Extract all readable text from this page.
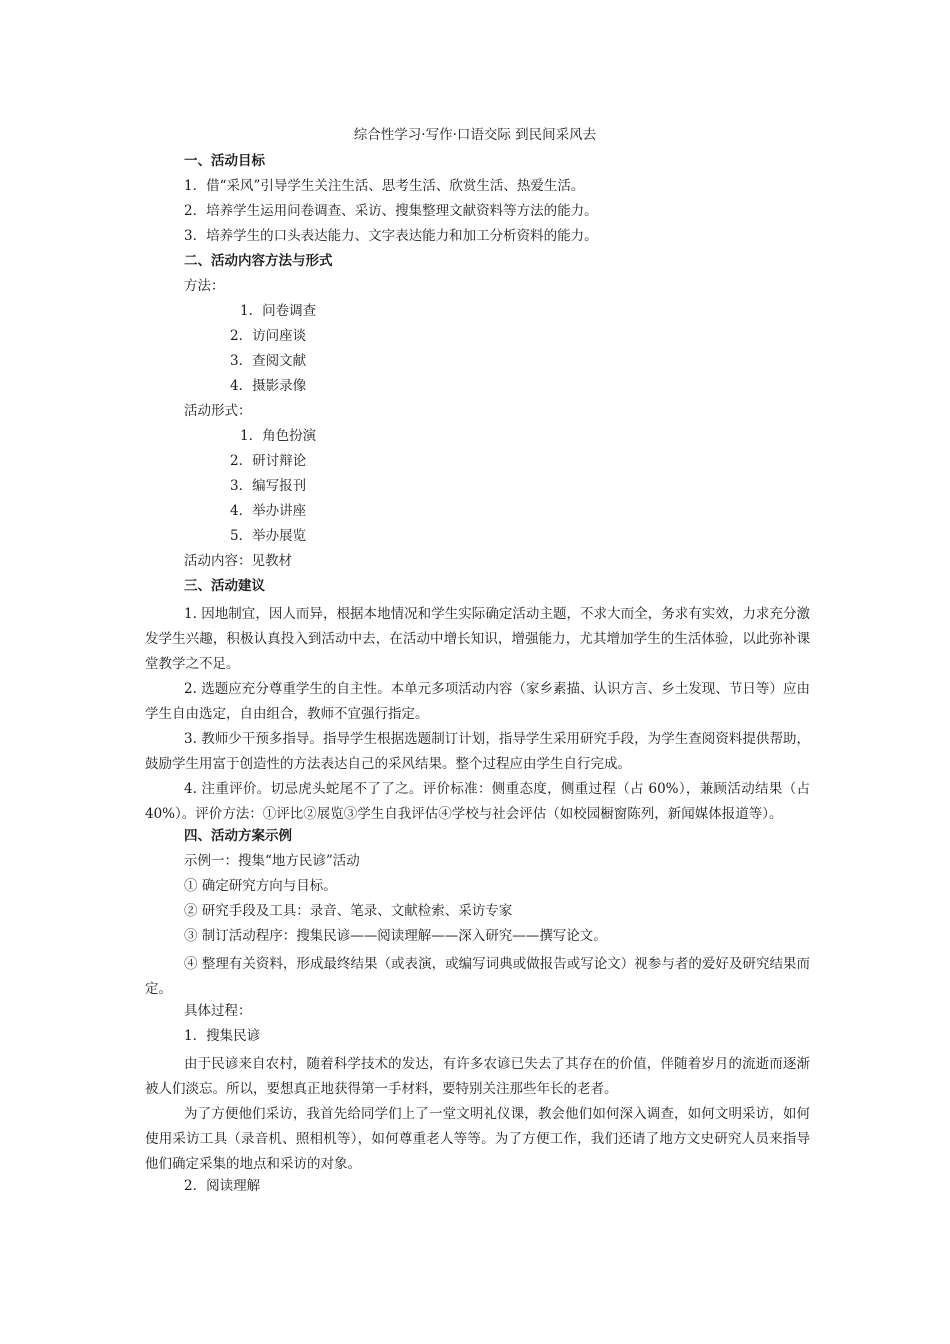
综合性学习·写作·口语交际 到民间采风去
一、活动目标
1．借“采风”引导学生关注生活、思考生活、欣赏生活、热爱生活。
2．培养学生运用问卷调查、采访、搜集整理文献资料等方法的能力。
3．培养学生的口头表达能力、文字表达能力和加工分析资料的能力。
二、活动内容方法与形式
方法：
1．问卷调查
2．访问座谈
3．查阅文献
4．摄影录像
活动形式：
1．角色扮演
2．研讨辩论
3．编写报刊
4．举办讲座
5．举办展览
活动内容：见教材
三、活动建议
1. 因地制宜，因人而异，根据本地情况和学生实际确定活动主题，不求大而全，务求有实效，力求充分激发学生兴趣，积极认真投入到活动中去，在活动中增长知识，增强能力，尤其增加学生的生活体验，以此弥补课堂教学之不足。
2. 选题应充分尊重学生的自主性。本单元多项活动内容（家乡素描、认识方言、乡土发现、节日等）应由学生自由选定，自由组合，教师不宜强行指定。
3. 教师少干预多指导。指导学生根据选题制订计划，指导学生采用研究手段，为学生查阅资料提供帮助，鼓励学生用富于创造性的方法表达自己的采风结果。整个过程应由学生自行完成。
4. 注重评价。切忌虎头蛇尾不了了之。评价标准：侧重态度，侧重过程（占 60%），兼顾活动结果（占 40%）。评价方法：①评比②展览③学生自我评估④学校与社会评估（如校园橱窗陈列，新闻媒体报道等）。
四、活动方案示例
示例一：搜集“地方民谚”活动
① 确定研究方向与目标。
② 研究手段及工具：录音、笔录、文献检索、采访专家
③ 制订活动程序：搜集民谚——阅读理解——深入研究——撰写论文。
④ 整理有关资料，形成最终结果（或表演，或编写词典或做报告或写论文）视参与者的爱好及研究结果而定。
具体过程：
1．搜集民谚
由于民谚来自农村，随着科学技术的发达，有许多农谚已失去了其存在的价值，伴随着岁月的流逝而逐渐被人们淡忘。所以，要想真正地获得第一手材料，要特别关注那些年长的老者。
为了方便他们采访，我首先给同学们上了一堂文明礼仪课，教会他们如何深入调查，如何文明采访，如何使用采访工具（录音机、照相机等），如何尊重老人等等。为了方便工作，我们还请了地方文史研究人员来指导他们确定采集的地点和采访的对象。
2．阅读理解
